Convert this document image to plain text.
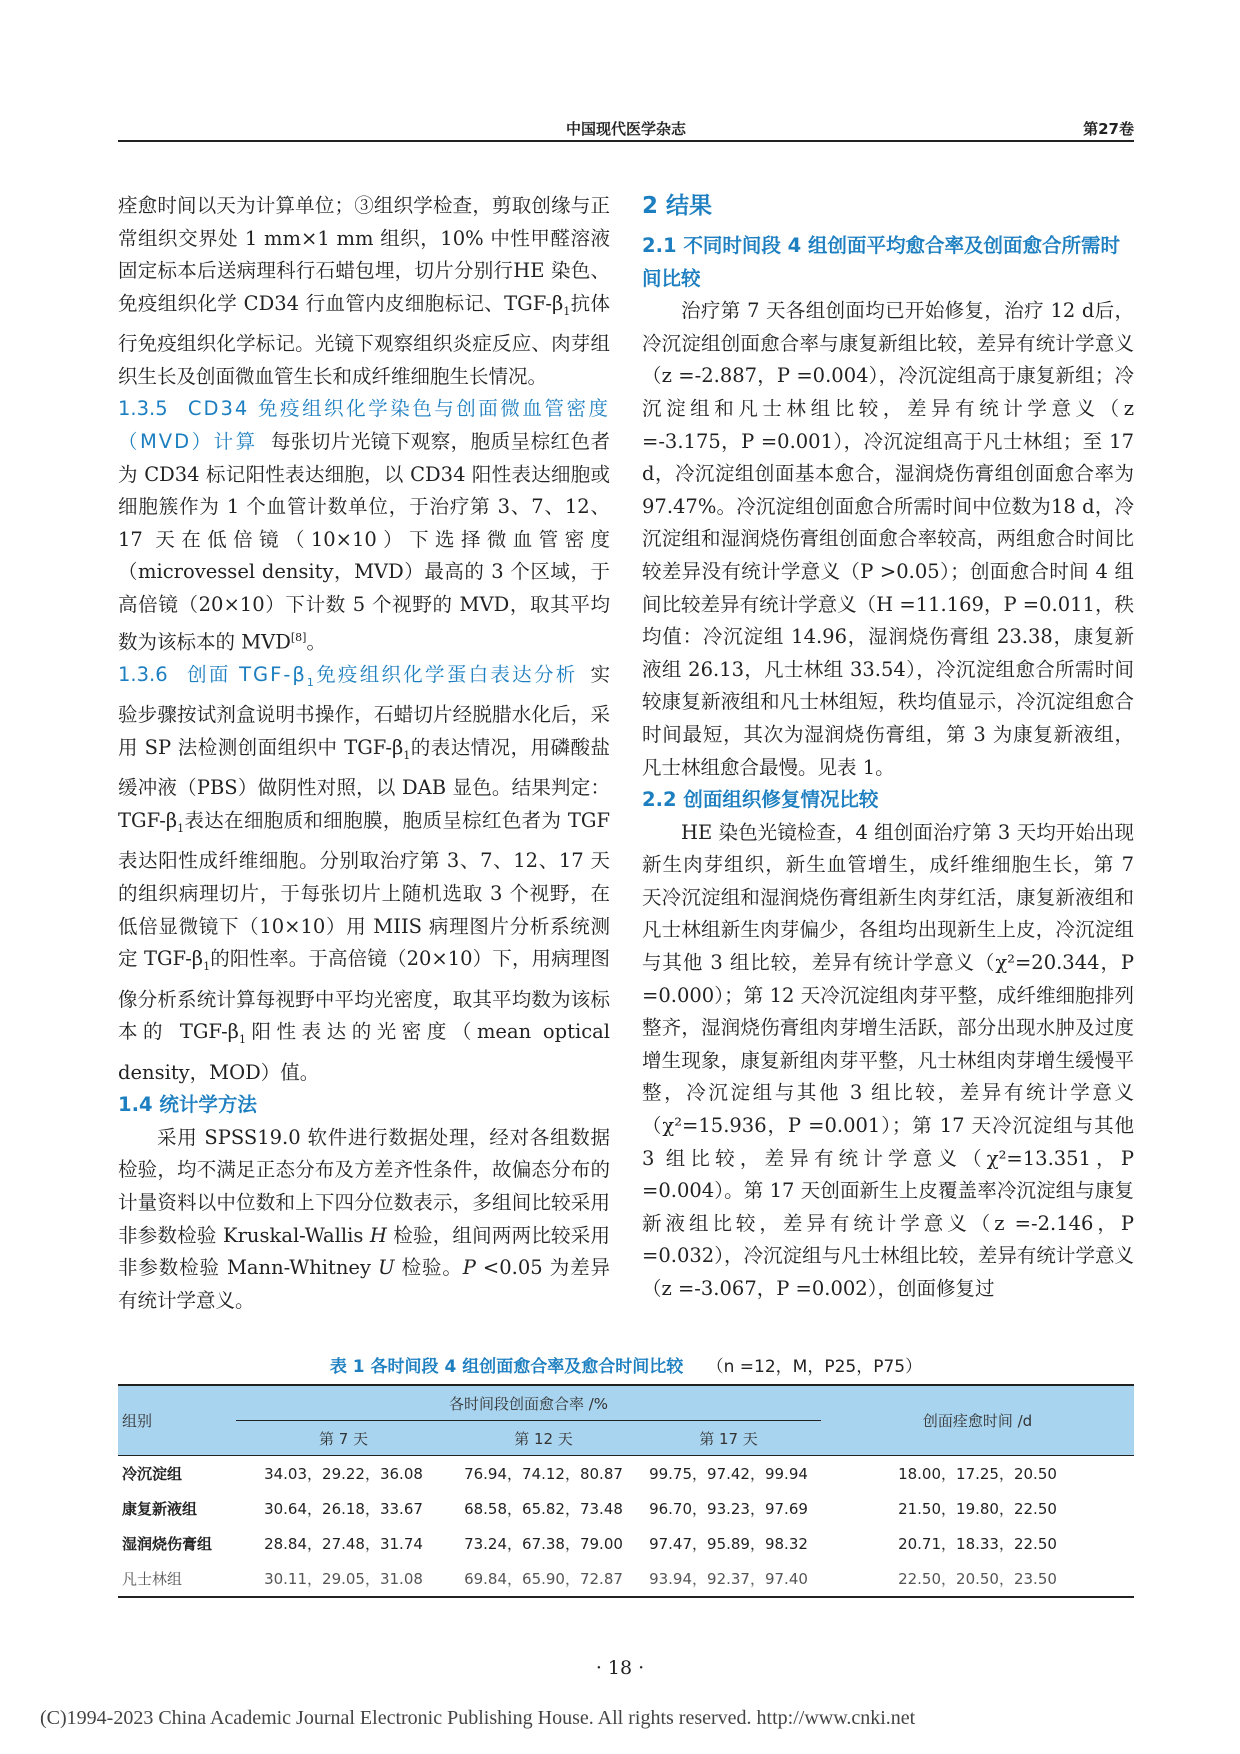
中国现代医学杂志	第27卷

痊愈时间以天为计算单位；③组织学检查，剪取创缘与正常组织交界处 1 mm×1 mm 组织，10% 中性甲醛溶液固定标本后送病理科行石蜡包埋，切片分别行HE 染色、免疫组织化学 CD34 行血管内皮细胞标记、TGF-$\beta_1$抗体行免疫组织化学标记。光镜下观察组织炎症反应、肉芽组织生长及创面微血管生长和成纤维细胞生长情况。

1.3.5 CD34 免疫组织化学染色与创面微血管密度（MVD）计算 每张切片光镜下观察，胞质呈棕红色者为 CD34 标记阳性表达细胞，以 CD34 阳性表达细胞或细胞簇作为 1 个血管计数单位，于治疗第 3、7、12、17 天在低倍镜（10×10）下选择微血管密度（microvessel density，MVD）最高的 3 个区域，于高倍镜（20×10）下计数 5 个视野的 MVD，取其平均数为该标本的 MVD[8]。

1.3.6 创面 TGF-$\beta_1$免疫组织化学蛋白表达分析 实验步骤按试剂盒说明书操作，石蜡切片经脱腊水化后，采用 SP 法检测创面组织中 TGF-$\beta_1$的表达情况，用磷酸盐缓冲液（PBS）做阴性对照，以 DAB 显色。结果判定：TGF-$\beta_1$表达在细胞质和细胞膜，胞质呈棕红色者为 TGF 表达阳性成纤维细胞。分别取治疗第 3、7、12、17 天的组织病理切片，于每张切片上随机选取 3 个视野，在低倍显微镜下（10×10）用 MIIS 病理图片分析系统测定 TGF-$\beta_1$的阳性率。于高倍镜（20×10）下，用病理图像分析系统计算每视野中平均光密度，取其平均数为该标本的 TGF-$\beta_1$阳性表达的光密度（mean optical density，MOD）值。

1.4 统计学方法

采用 SPSS19.0 软件进行数据处理，经对各组数据检验，均不满足正态分布及方差齐性条件，故偏态分布的计量资料以中位数和上下四分位数表示，多组间比较采用非参数检验 Kruskal-Wallis H 检验，组间两两比较采用非参数检验 Mann-Whitney U 检验。P <0.05 为差异有统计学意义。

2 结果
2.1 不同时间段 4 组创面平均愈合率及创面愈合所需时间比较

治疗第 7 天各组创面均已开始修复，治疗 12 d后，冷沉淀组创面愈合率与康复新组比较，差异有统计学意义（z =-2.887，P =0.004），冷沉淀组高于康复新组；冷沉淀组和凡士林组比较，差异有统计学意义（z =-3.175，P =0.001），冷沉淀组高于凡士林组；至 17 d，冷沉淀组创面基本愈合，湿润烧伤膏组创面愈合率为 97.47%。冷沉淀组创面愈合所需时间中位数为18 d，冷沉淀组和湿润烧伤膏组创面愈合率较高，两组愈合时间比较差异没有统计学意义（P >0.05）；创面愈合时间 4 组间比较差异有统计学意义（H =11.169，P =0.011，秩均值：冷沉淀组 14.96，湿润烧伤膏组 23.38，康复新液组 26.13，凡士林组 33.54），冷沉淀组愈合所需时间较康复新液组和凡士林组短，秩均值显示，冷沉淀组愈合时间最短，其次为湿润烧伤膏组，第 3 为康复新液组，凡士林组愈合最慢。见表 1。

2.2 创面组织修复情况比较

HE 染色光镜检查，4 组创面治疗第 3 天均开始出现新生肉芽组织，新生血管增生，成纤维细胞生长，第 7 天冷沉淀组和湿润烧伤膏组新生肉芽红活，康复新液组和凡士林组新生肉芽偏少，各组均出现新生上皮，冷沉淀组与其他 3 组比较，差异有统计学意义（χ²=20.344，P =0.000）；第 12 天冷沉淀组肉芽平整，成纤维细胞排列整齐，湿润烧伤膏组肉芽增生活跃，部分出现水肿及过度增生现象，康复新组肉芽平整，凡士林组肉芽增生缓慢平整，冷沉淀组与其他 3 组比较，差异有统计学意义（χ²=15.936，P =0.001）；第 17 天冷沉淀组与其他 3 组比较，差异有统计学意义（χ²=13.351，P =0.004）。第 17 天创面新生上皮覆盖率冷沉淀组与康复新液组比较，差异有统计学意义（z =-2.146，P =0.032），冷沉淀组与凡士林组比较，差异有统计学意义（z =-3.067，P =0.002），创面修复过

表 1 各时间段 4 组创面愈合率及愈合时间比较 （n =12，M，P25，P75）
组别	各时间段创面愈合率 /%			创面痊愈时间 /d
	第 7 天	第 12 天	第 17 天	
冷沉淀组	34.03，29.22，36.08	76.94，74.12，80.87	99.75，97.42，99.94	18.00，17.25，20.50
康复新液组	30.64，26.18，33.67	68.58，65.82，73.48	96.70，93.23，97.69	21.50，19.80，22.50
湿润烧伤膏组	28.84，27.48，31.74	73.24，67.38，79.00	97.47，95.89，98.32	20.71，18.33，22.50
凡士林组	30.11，29.05，31.08	69.84，65.90，72.87	93.94，92.37，97.40	22.50，20.50，23.50
· 18 ·
(C)1994-2023 China Academic Journal Electronic Publishing House. All rights reserved. http://www.cnki.net
